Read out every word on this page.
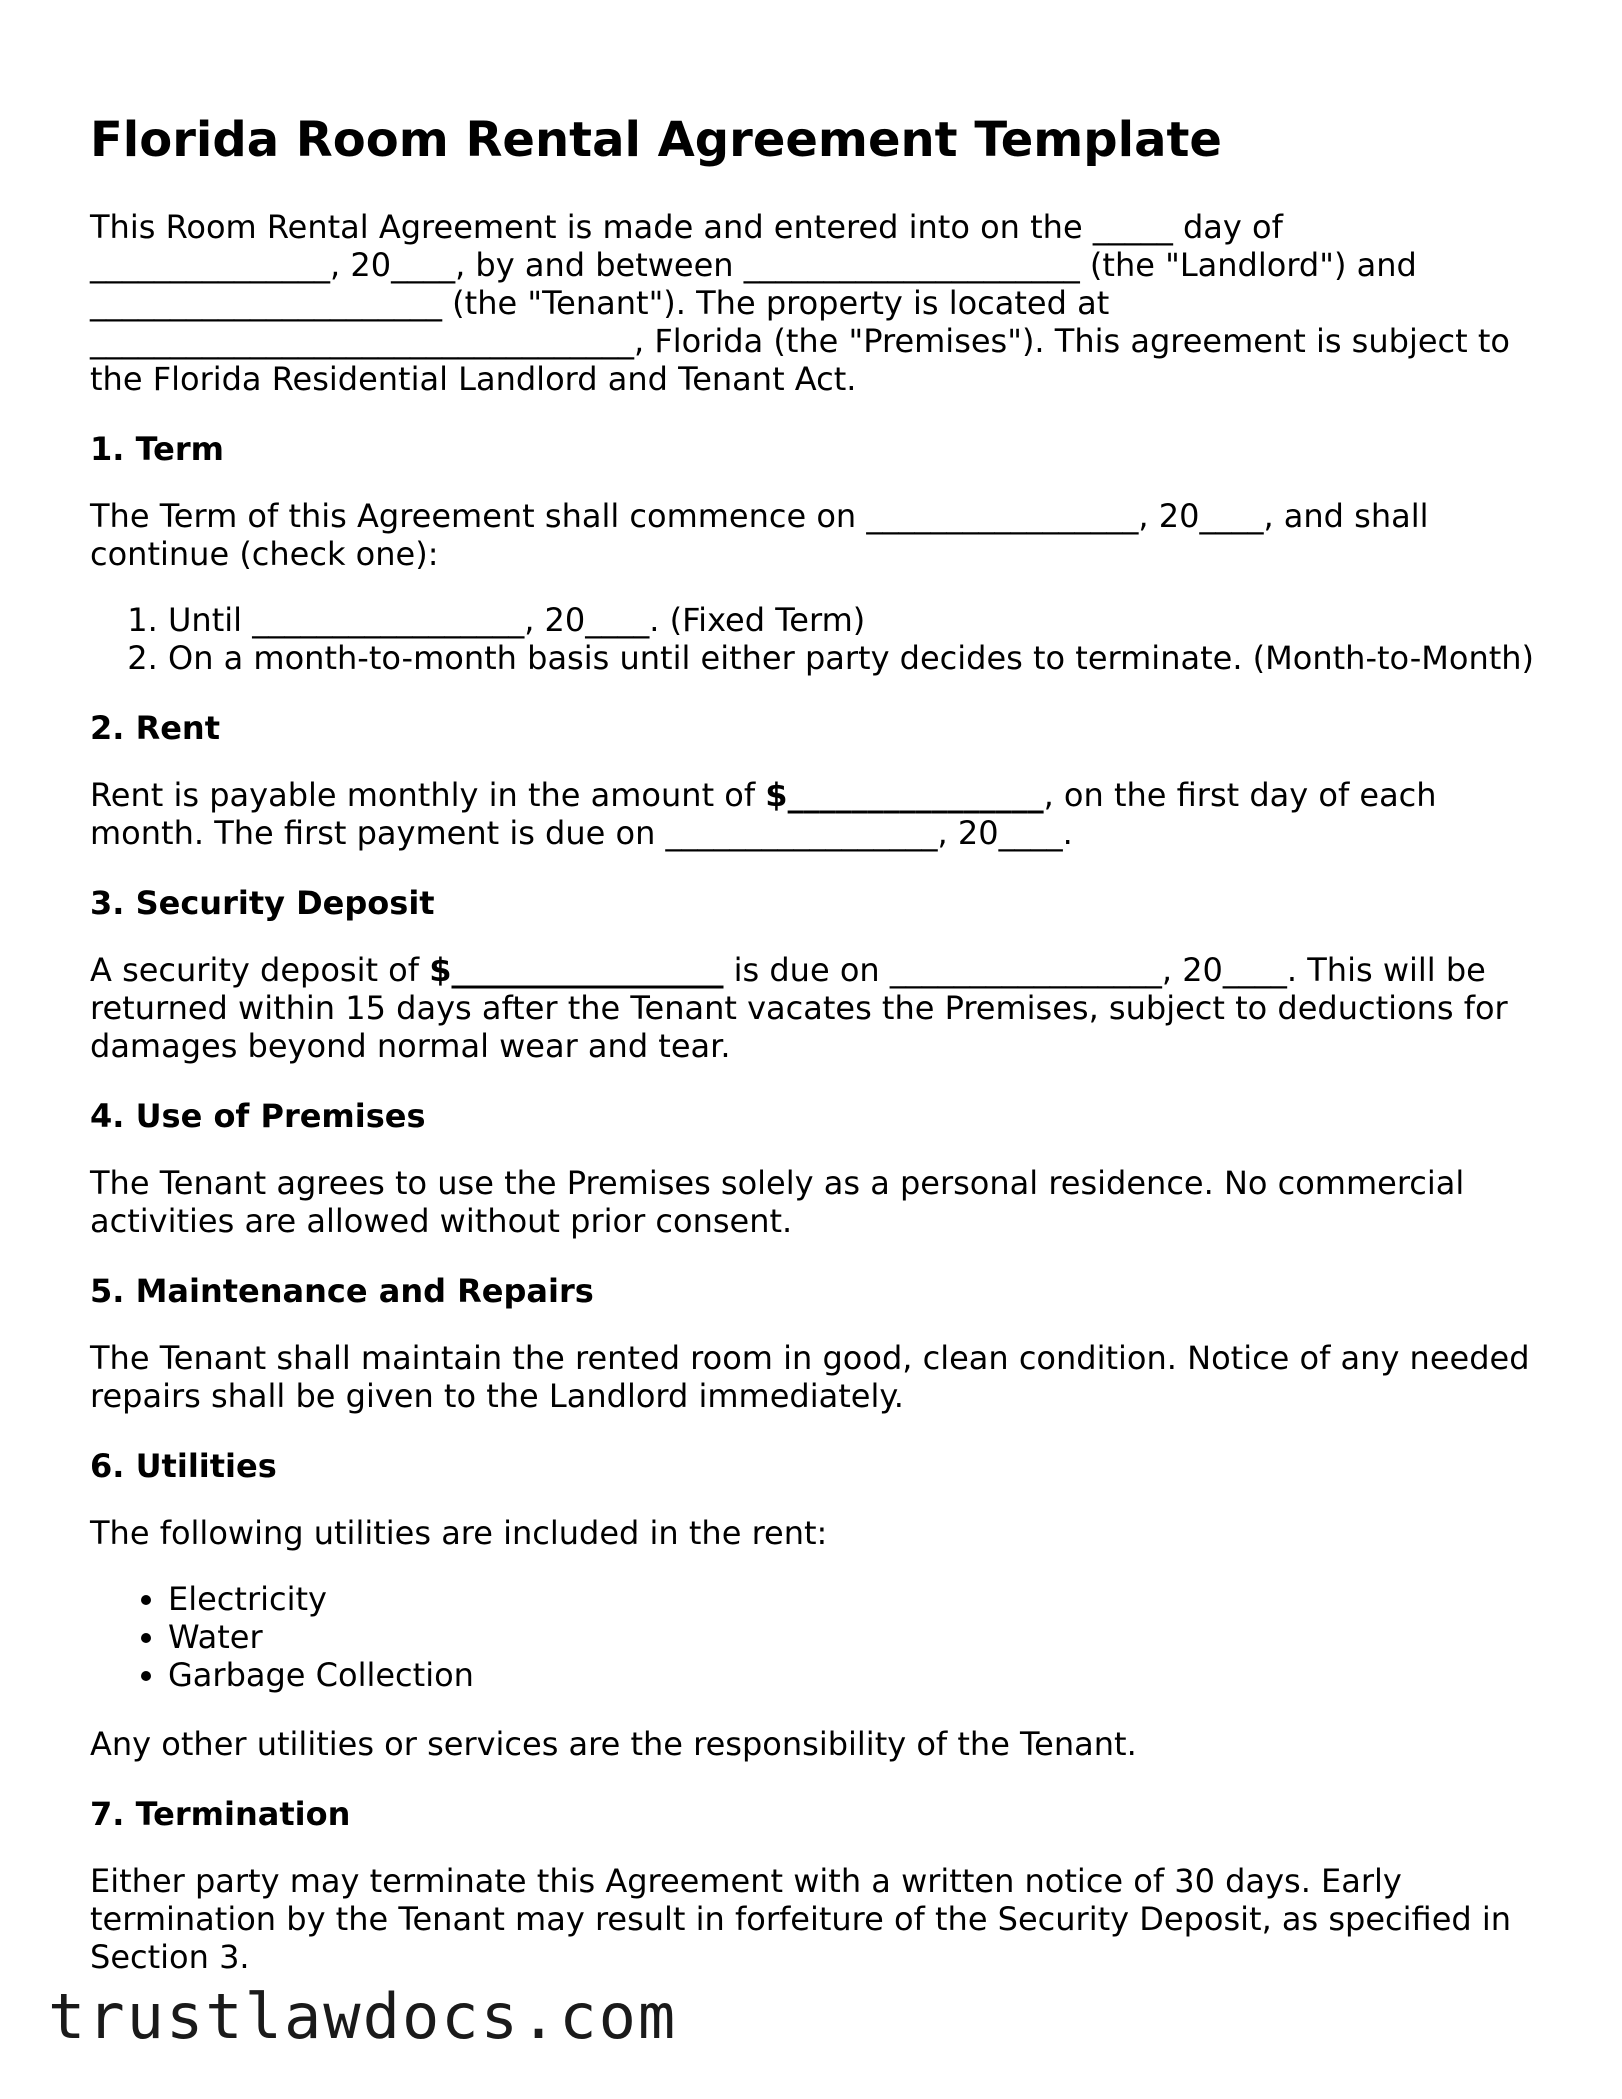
Florida Room Rental Agreement Template

This Room Rental Agreement is made and entered into on the _____ day of _______________, 20____, by and between _____________________ (the "Landlord") and ______________________ (the "Tenant"). The property is located at __________________________________, Florida (the "Premises"). This agreement is subject to the Florida Residential Landlord and Tenant Act.

1. Term

The Term of this Agreement shall commence on _________________, 20____, and shall continue (check one):

1. Until _________________, 20____. (Fixed Term)
2. On a month-to-month basis until either party decides to terminate. (Month-to-Month)
2. Rent

Rent is payable monthly in the amount of $________________, on the first day of each month. The first payment is due on _________________, 20____.

3. Security Deposit

A security deposit of $_________________ is due on _________________, 20____. This will be returned within 15 days after the Tenant vacates the Premises, subject to deductions for damages beyond normal wear and tear.

4. Use of Premises

The Tenant agrees to use the Premises solely as a personal residence. No commercial activities are allowed without prior consent.

5. Maintenance and Repairs

The Tenant shall maintain the rented room in good, clean condition. Notice of any needed repairs shall be given to the Landlord immediately.

6. Utilities

The following utilities are included in the rent:

• Electricity
• Water
• Garbage Collection

Any other utilities or services are the responsibility of the Tenant.

7. Termination

Either party may terminate this Agreement with a written notice of 30 days. Early termination by the Tenant may result in forfeiture of the Security Deposit, as specified in Section 3.

trustlawdocs.com
